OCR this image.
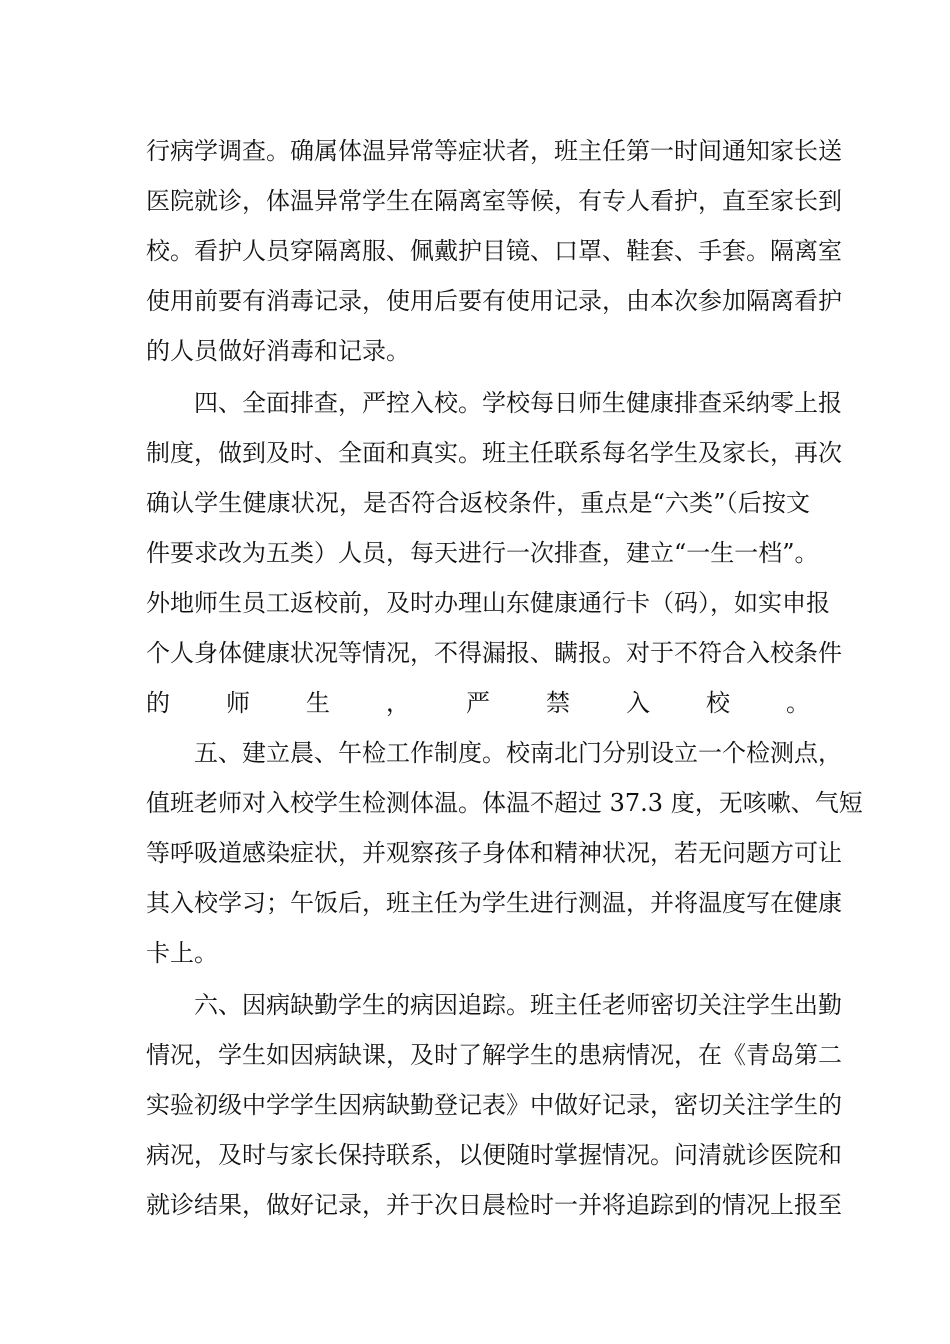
行病学调查。确属体温异常等症状者，班主任第一时间通知家长送
医院就诊，体温异常学生在隔离室等候，有专人看护，直至家长到
校。看护人员穿隔离服、佩戴护目镜、口罩、鞋套、手套。隔离室
使用前要有消毒记录，使用后要有使用记录，由本次参加隔离看护
的人员做好消毒和记录。
四、全面排查，严控入校。学校每日师生健康排查采纳零上报
制度，做到及时、全面和真实。班主任联系每名学生及家长，再次
确认学生健康状况，是否符合返校条件，重点是“六类”（后按文
件要求改为五类）人员，每天进行一次排查，建立“一生一档”。
外地师生员工返校前，及时办理山东健康通行卡（码），如实申报
个人身体健康状况等情况，不得漏报、瞒报。对于不符合入校条件
的师生，严禁入校。
五、建立晨、午检工作制度。校南北门分别设立一个检测点，
值班老师对入校学生检测体温。体温不超过 37.3 度，无咳嗽、气短
等呼吸道感染症状，并观察孩子身体和精神状况，若无问题方可让
其入校学习；午饭后，班主任为学生进行测温，并将温度写在健康
卡上。
六、因病缺勤学生的病因追踪。班主任老师密切关注学生出勤
情况，学生如因病缺课，及时了解学生的患病情况，在《青岛第二
实验初级中学学生因病缺勤登记表》中做好记录，密切关注学生的
病况，及时与家长保持联系，以便随时掌握情况。问清就诊医院和
就诊结果，做好记录，并于次日晨检时一并将追踪到的情况上报至
